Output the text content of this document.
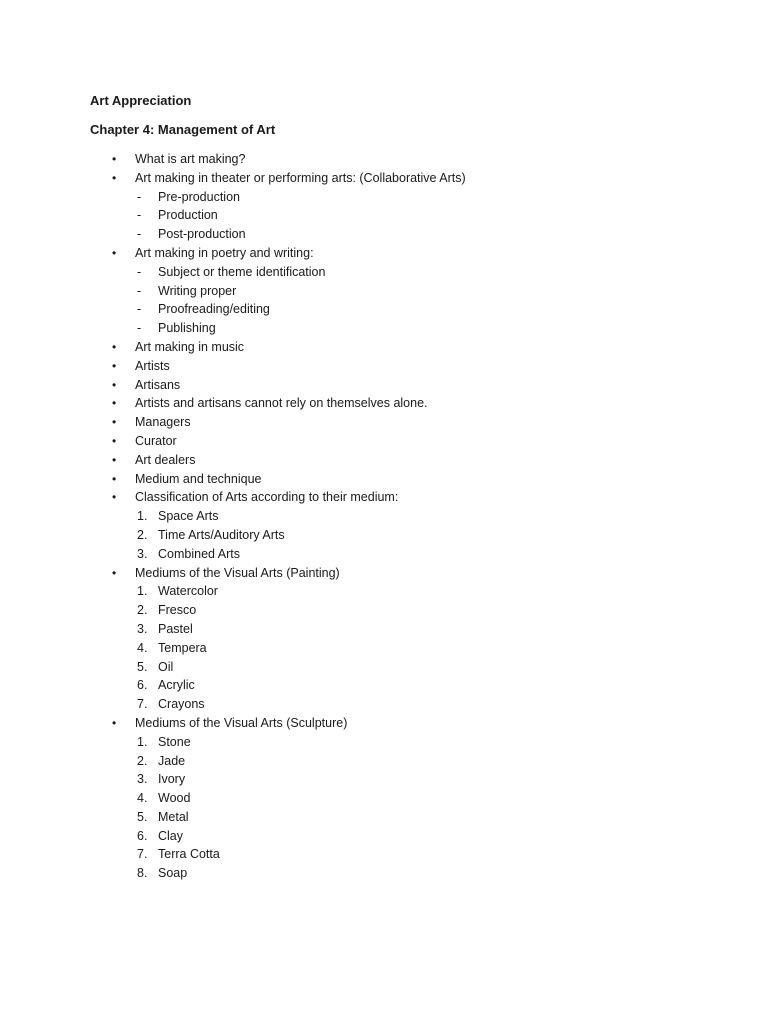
Art Appreciation
Chapter 4: Management of Art
• What is art making?
• Art making in theater or performing arts: (Collaborative Arts)
- Pre-production
- Production
- Post-production
• Art making in poetry and writing:
- Subject or theme identification
- Writing proper
- Proofreading/editing
- Publishing
• Art making in music
• Artists
• Artisans
• Artists and artisans cannot rely on themselves alone.
• Managers
• Curator
• Art dealers
• Medium and technique
• Classification of Arts according to their medium:
1. Space Arts
2. Time Arts/Auditory Arts
3. Combined Arts
• Mediums of the Visual Arts (Painting)
1. Watercolor
2. Fresco
3. Pastel
4. Tempera
5. Oil
6. Acrylic
7. Crayons
• Mediums of the Visual Arts (Sculpture)
1. Stone
2. Jade
3. Ivory
4. Wood
5. Metal
6. Clay
7. Terra Cotta
8. Soap
